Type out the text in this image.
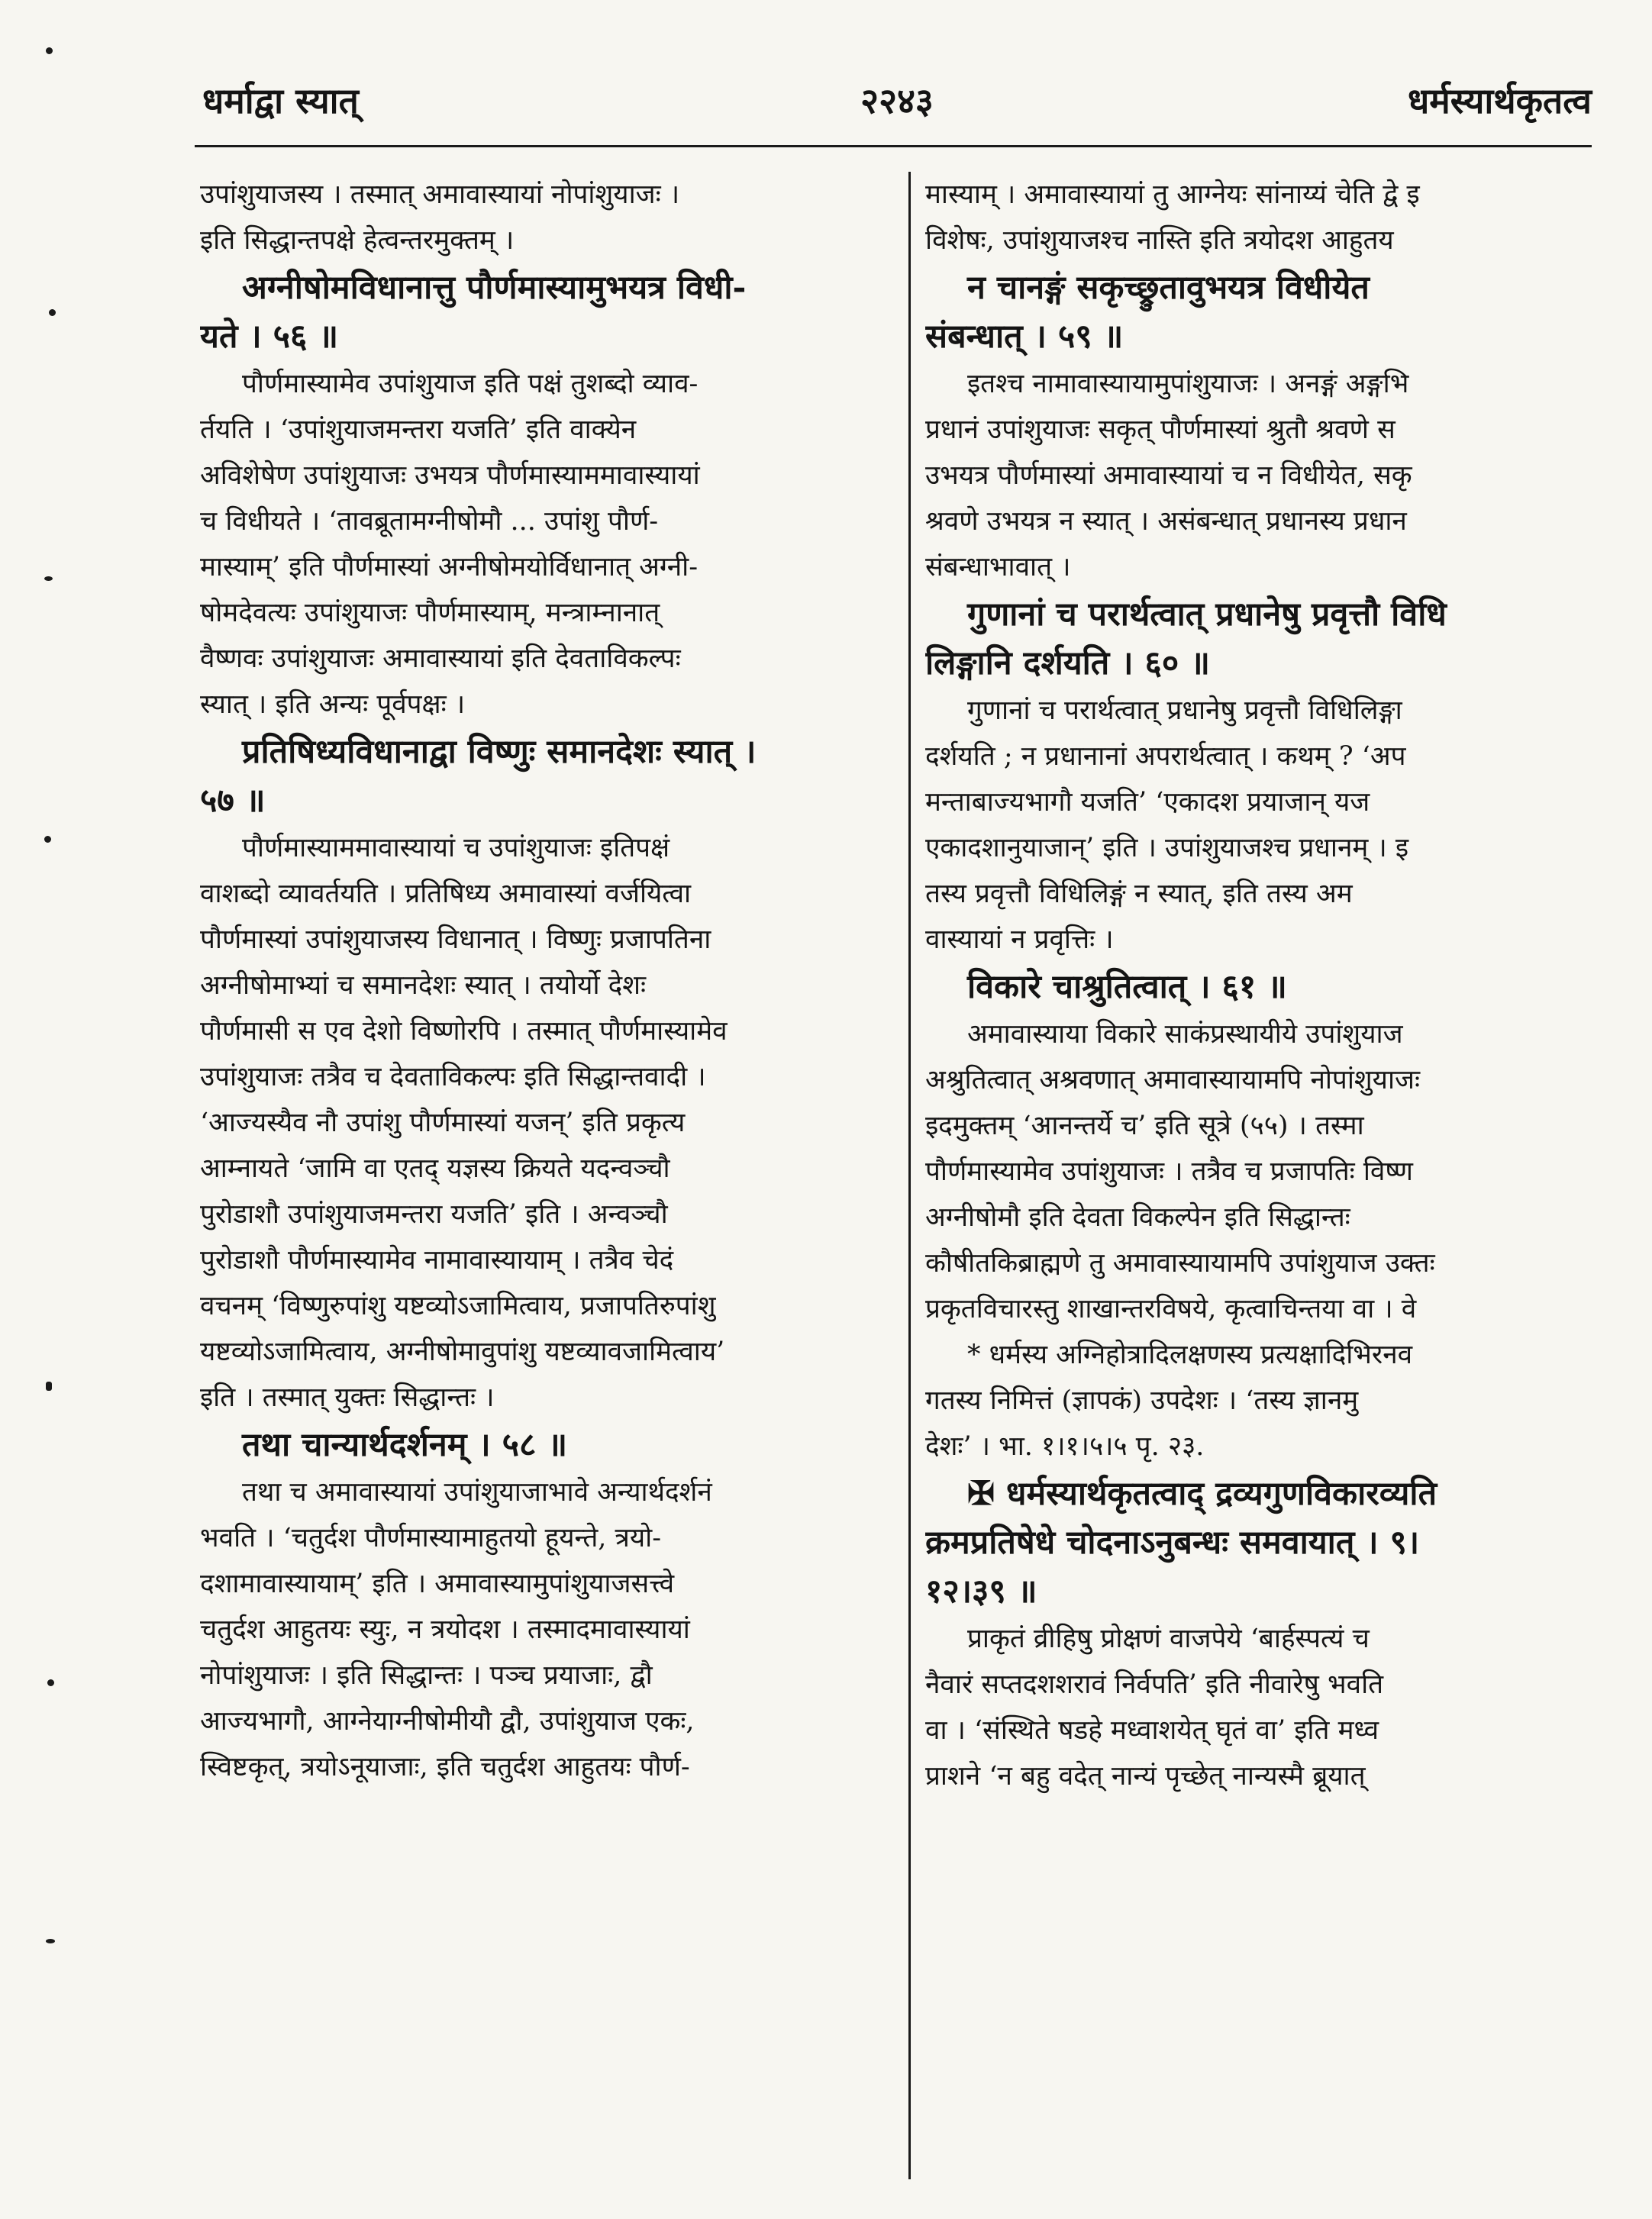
धर्माद्वा स्यात्	२२४३	धर्मस्यार्थकृतत्व
उपांशुयाजस्य । तस्मात् अमावास्यायां नोपांशुयाजः ।
इति सिद्धान्तपक्षे हेत्वन्तरमुक्तम् ।
अग्नीषोमविधानात्तु पौर्णमास्यामुभयत्र विधी-
यते । ५६ ॥
पौर्णमास्यामेव उपांशुयाज इति पक्षं तुशब्दो व्याव-
र्तयति । ‘उपांशुयाजमन्तरा यजति’ इति वाक्येन
अविशेषेण उपांशुयाजः उभयत्र पौर्णमास्याममावास्यायां
च विधीयते । ‘तावब्रूतामग्नीषोमौ ... उपांशु पौर्ण-
मास्याम्’ इति पौर्णमास्यां अग्नीषोमयोर्विधानात् अग्नी-
षोमदेवत्यः उपांशुयाजः पौर्णमास्याम्, मन्त्राम्नानात्
वैष्णवः उपांशुयाजः अमावास्यायां इति देवताविकल्पः
स्यात् । इति अन्यः पूर्वपक्षः ।
प्रतिषिध्यविधानाद्वा विष्णुः समानदेशः स्यात् ।
५७ ॥
पौर्णमास्याममावास्यायां च उपांशुयाजः इतिपक्षं
वाशब्दो व्यावर्तयति । प्रतिषिध्य अमावास्यां वर्जयित्वा
पौर्णमास्यां उपांशुयाजस्य विधानात् । विष्णुः प्रजापतिना
अग्नीषोमाभ्यां च समानदेशः स्यात् । तयोर्यो देशः
पौर्णमासी स एव देशो विष्णोरपि । तस्मात् पौर्णमास्यामेव
उपांशुयाजः तत्रैव च देवताविकल्पः इति सिद्धान्तवादी ।
‘आज्यस्यैव नौ उपांशु पौर्णमास्यां यजन्’ इति प्रकृत्य
आम्नायते ‘जामि वा एतद् यज्ञस्य क्रियते यदन्वञ्चौ
पुरोडाशौ उपांशुयाजमन्तरा यजति’ इति । अन्वञ्चौ
पुरोडाशौ पौर्णमास्यामेव नामावास्यायाम् । तत्रैव चेदं
वचनम् ‘विष्णुरुपांशु यष्टव्योऽजामित्वाय, प्रजापतिरुपांशु
यष्टव्योऽजामित्वाय, अग्नीषोमावुपांशु यष्टव्यावजामित्वाय’
इति । तस्मात् युक्तः सिद्धान्तः ।
तथा चान्यार्थदर्शनम् । ५८ ॥
तथा च अमावास्यायां उपांशुयाजाभावे अन्यार्थदर्शनं
भवति । ‘चतुर्दश पौर्णमास्यामाहुतयो हूयन्ते, त्रयो-
दशामावास्यायाम्’ इति । अमावास्यामुपांशुयाजसत्त्वे
चतुर्दश आहुतयः स्युः, न त्रयोदश । तस्मादमावास्यायां
नोपांशुयाजः । इति सिद्धान्तः । पञ्च प्रयाजाः, द्वौ
आज्यभागौ, आग्नेयाग्नीषोमीयौ द्वौ, उपांशुयाज एकः,
स्विष्टकृत्, त्रयोऽनूयाजाः, इति चतुर्दश आहुतयः पौर्ण-
मास्याम् । अमावास्यायां तु आग्नेयः सांनाय्यं चेति द्वे इ
विशेषः, उपांशुयाजश्च नास्ति इति त्रयोदश आहुतय
न चानङ्गं सकृच्छ्रुतावुभयत्र विधीयेत
संबन्धात् । ५९ ॥
इतश्च नामावास्यायामुपांशुयाजः । अनङ्गं अङ्गभि
प्रधानं उपांशुयाजः सकृत् पौर्णमास्यां श्रुतौ श्रवणे स
उभयत्र पौर्णमास्यां अमावास्यायां च न विधीयेत, सकृ
श्रवणे उभयत्र न स्यात् । असंबन्धात् प्रधानस्य प्रधान
संबन्धाभावात् ।
गुणानां च परार्थत्वात् प्रधानेषु प्रवृत्तौ विधि
लिङ्गानि दर्शयति । ६० ॥
गुणानां च परार्थत्वात् प्रधानेषु प्रवृत्तौ विधिलिङ्गा
दर्शयति ; न प्रधानानां अपरार्थत्वात् । कथम् ? ‘अप
मन्ताबाज्यभागौ यजति’ ‘एकादश प्रयाजान् यज
एकादशानुयाजान्’ इति । उपांशुयाजश्च प्रधानम् । इ
तस्य प्रवृत्तौ विधिलिङ्गं न स्यात्, इति तस्य अम
वास्यायां न प्रवृत्तिः ।
विकारे चाश्रुतित्वात् । ६१ ॥
अमावास्याया विकारे साकंप्रस्थायीये उपांशुयाज
अश्रुतित्वात् अश्रवणात् अमावास्यायामपि नोपांशुयाजः
इदमुक्तम् ‘आनन्तर्ये च’ इति सूत्रे (५५) । तस्मा
पौर्णमास्यामेव उपांशुयाजः । तत्रैव च प्रजापतिः विष्ण
अग्नीषोमौ इति देवता विकल्पेन इति सिद्धान्तः
कौषीतकिब्राह्मणे तु अमावास्यायामपि उपांशुयाज उक्तः
प्रकृतविचारस्तु शाखान्तरविषये, कृत्वाचिन्तया वा । वे
* धर्मस्य अग्निहोत्रादिलक्षणस्य प्रत्यक्षादिभिरनव
गतस्य निमित्तं (ज्ञापकं) उपदेशः । ‘तस्य ज्ञानमु
देशः’ । भा. १।१।५।५ पृ. २३.
✠ धर्मस्यार्थकृतत्वाद् द्रव्यगुणविकारव्यति
क्रमप्रतिषेधे चोदनाऽनुबन्धः समवायात् । ९।
१२।३९ ॥
प्राकृतं व्रीहिषु प्रोक्षणं वाजपेये ‘बार्हस्पत्यं च
नैवारं सप्तदशशरावं निर्वपति’ इति नीवारेषु भवति
वा । ‘संस्थिते षडहे मध्वाशयेत् घृतं वा’ इति मध्व
प्राशने ‘न बहु वदेत् नान्यं पृच्छेत् नान्यस्मै ब्रूयात्
